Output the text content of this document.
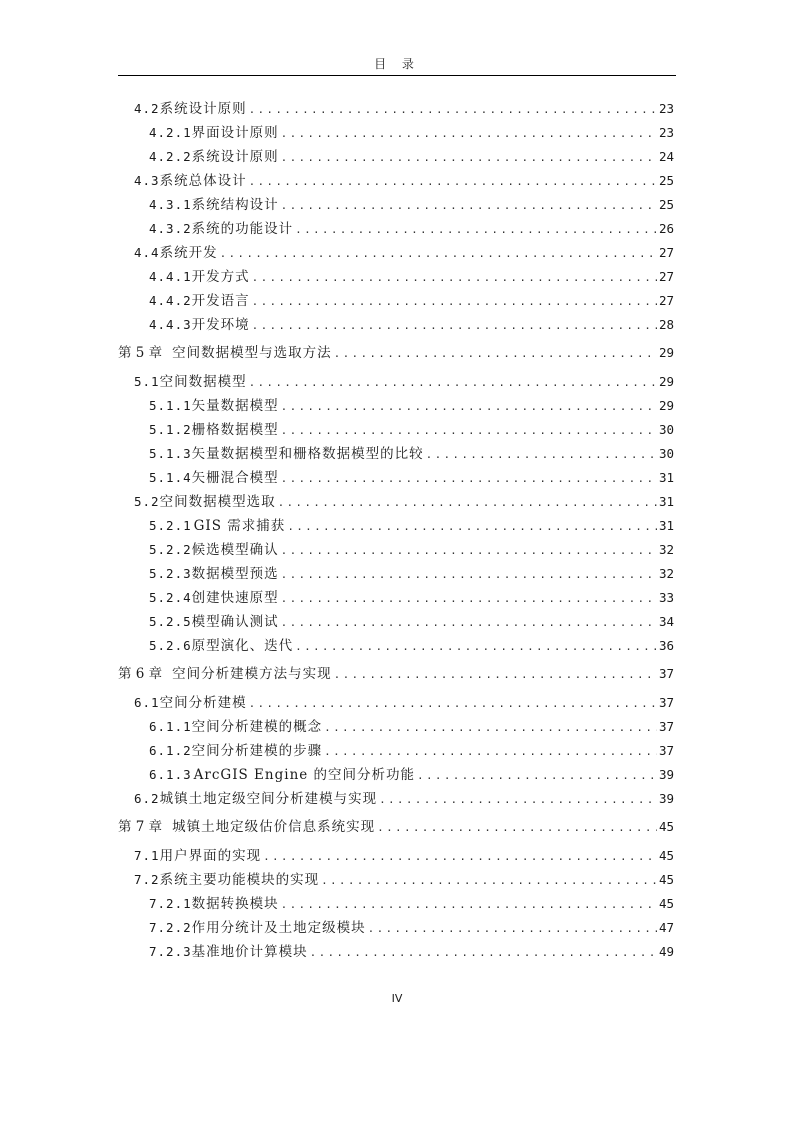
目 录
4.2 系统设计原则 .....	23
4.2.1 界面设计原则 .....	23
4.2.2 系统设计原则 .....	24
4.3 系统总体设计 .....	25
4.3.1 系统结构设计 .....	25
4.3.2 系统的功能设计 .....	26
4.4 系统开发 .....	27
4.4.1 开发方式 .....	27
4.4.2 开发语言 .....	27
4.4.3 开发环境 .....	28
第 5 章 空间数据模型与选取方法 .....	29
5.1 空间数据模型 .....	29
5.1.1 矢量数据模型 .....	29
5.1.2 栅格数据模型 .....	30
5.1.3 矢量数据模型和栅格数据模型的比较 .....	30
5.1.4 矢栅混合模型 .....	31
5.2 空间数据模型选取 .....	31
5.2.1 GIS 需求捕获 .....	31
5.2.2 候选模型确认 .....	32
5.2.3 数据模型预选 .....	32
5.2.4 创建快速原型 .....	33
5.2.5 模型确认测试 .....	34
5.2.6 原型演化、迭代 .....	36
第 6 章 空间分析建模方法与实现 .....	37
6.1 空间分析建模 .....	37
6.1.1 空间分析建模的概念 .....	37
6.1.2 空间分析建模的步骤 .....	37
6.1.3 ArcGIS Engine 的空间分析功能 .....	39
6.2 城镇土地定级空间分析建模与实现 .....	39
第 7 章 城镇土地定级估价信息系统实现 .....	45
7.1 用户界面的实现 .....	45
7.2 系统主要功能模块的实现 .....	45
7.2.1 数据转换模块 .....	45
7.2.2 作用分统计及土地定级模块 .....	47
7.2.3 基准地价计算模块 .....	49
IV
